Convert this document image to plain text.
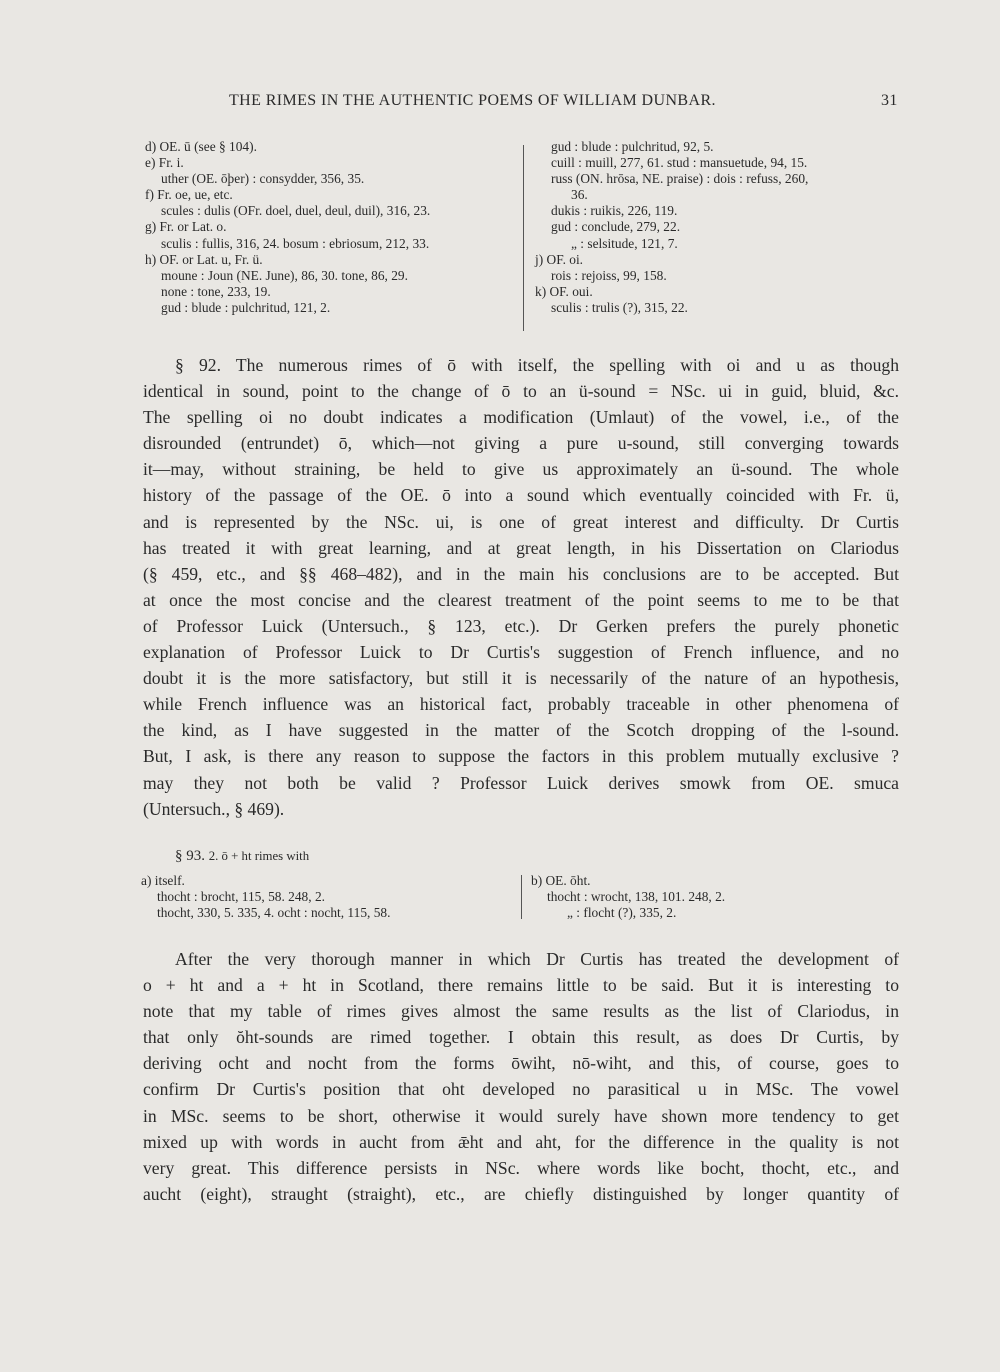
THE RIMES IN THE AUTHENTIC POEMS OF WILLIAM DUNBAR.	31
d) OE. ū (see § 104).
e) Fr. i.
uther (OE. ōþer) : consydder, 356, 35.
f) Fr. oe, ue, etc.
scules : dulis (OFr. doel, duel, deul, duil), 316, 23.
g) Fr. or Lat. o.
sculis : fullis, 316, 24. bosum : ebriosum, 212, 33.
h) OF. or Lat. u, Fr. ü.
moune : Joun (NE. June), 86, 30. tone, 86, 29.
none : tone, 233, 19.
gud : blude : pulchritud, 121, 2.
gud : blude : pulchritud, 92, 5.
cuill : muill, 277, 61. stud : mansuetude, 94, 15.
russ (ON. hrōsa, NE. praise) : dois : refuss, 260,
36.
dukis : ruikis, 226, 119.
gud : conclude, 279, 22.
„ : selsitude, 121, 7.
j) OF. oi.
rois : rejoiss, 99, 158.
k) OF. oui.
sculis : trulis (?), 315, 22.
§ 92. The numerous rimes of ō with itself, the spelling with oi and u as though
identical in sound, point to the change of ō to an ü-sound = NSc. ui in guid, bluid, &c.
The spelling oi no doubt indicates a modification (Umlaut) of the vowel, i.e., of the
disrounded (entrundet) ō, which—not giving a pure u-sound, still converging towards
it—may, without straining, be held to give us approximately an ü-sound. The whole
history of the passage of the OE. ō into a sound which eventually coincided with Fr. ü,
and is represented by the NSc. ui, is one of great interest and difficulty. Dr Curtis
has treated it with great learning, and at great length, in his Dissertation on Clariodus
(§ 459, etc., and §§ 468–482), and in the main his conclusions are to be accepted. But
at once the most concise and the clearest treatment of the point seems to me to be that
of Professor Luick (Untersuch., § 123, etc.). Dr Gerken prefers the purely phonetic
explanation of Professor Luick to Dr Curtis's suggestion of French influence, and no
doubt it is the more satisfactory, but still it is necessarily of the nature of an hypothesis,
while French influence was an historical fact, probably traceable in other phenomena of
the kind, as I have suggested in the matter of the Scotch dropping of the l-sound.
But, I ask, is there any reason to suppose the factors in this problem mutually exclusive ?
may they not both be valid ? Professor Luick derives smowk from OE. smuca
(Untersuch., § 469).
§ 93. 2. ō + ht rimes with
a) itself.
thocht : brocht, 115, 58. 248, 2.
thocht, 330, 5. 335, 4. ocht : nocht, 115, 58.
b) OE. ōht.
thocht : wrocht, 138, 101. 248, 2.
„ : flocht (?), 335, 2.
After the very thorough manner in which Dr Curtis has treated the development of
o + ht and a + ht in Scotland, there remains little to be said. But it is interesting to
note that my table of rimes gives almost the same results as the list of Clariodus, in
that only ŏht-sounds are rimed together. I obtain this result, as does Dr Curtis, by
deriving ocht and nocht from the forms ōwiht, nō-wiht, and this, of course, goes to
confirm Dr Curtis's position that oht developed no parasitical u in MSc. The vowel
in MSc. seems to be short, otherwise it would surely have shown more tendency to get
mixed up with words in aucht from ǣht and aht, for the difference in the quality is not
very great. This difference persists in NSc. where words like bocht, thocht, etc., and
aucht (eight), straught (straight), etc., are chiefly distinguished by longer quantity of
